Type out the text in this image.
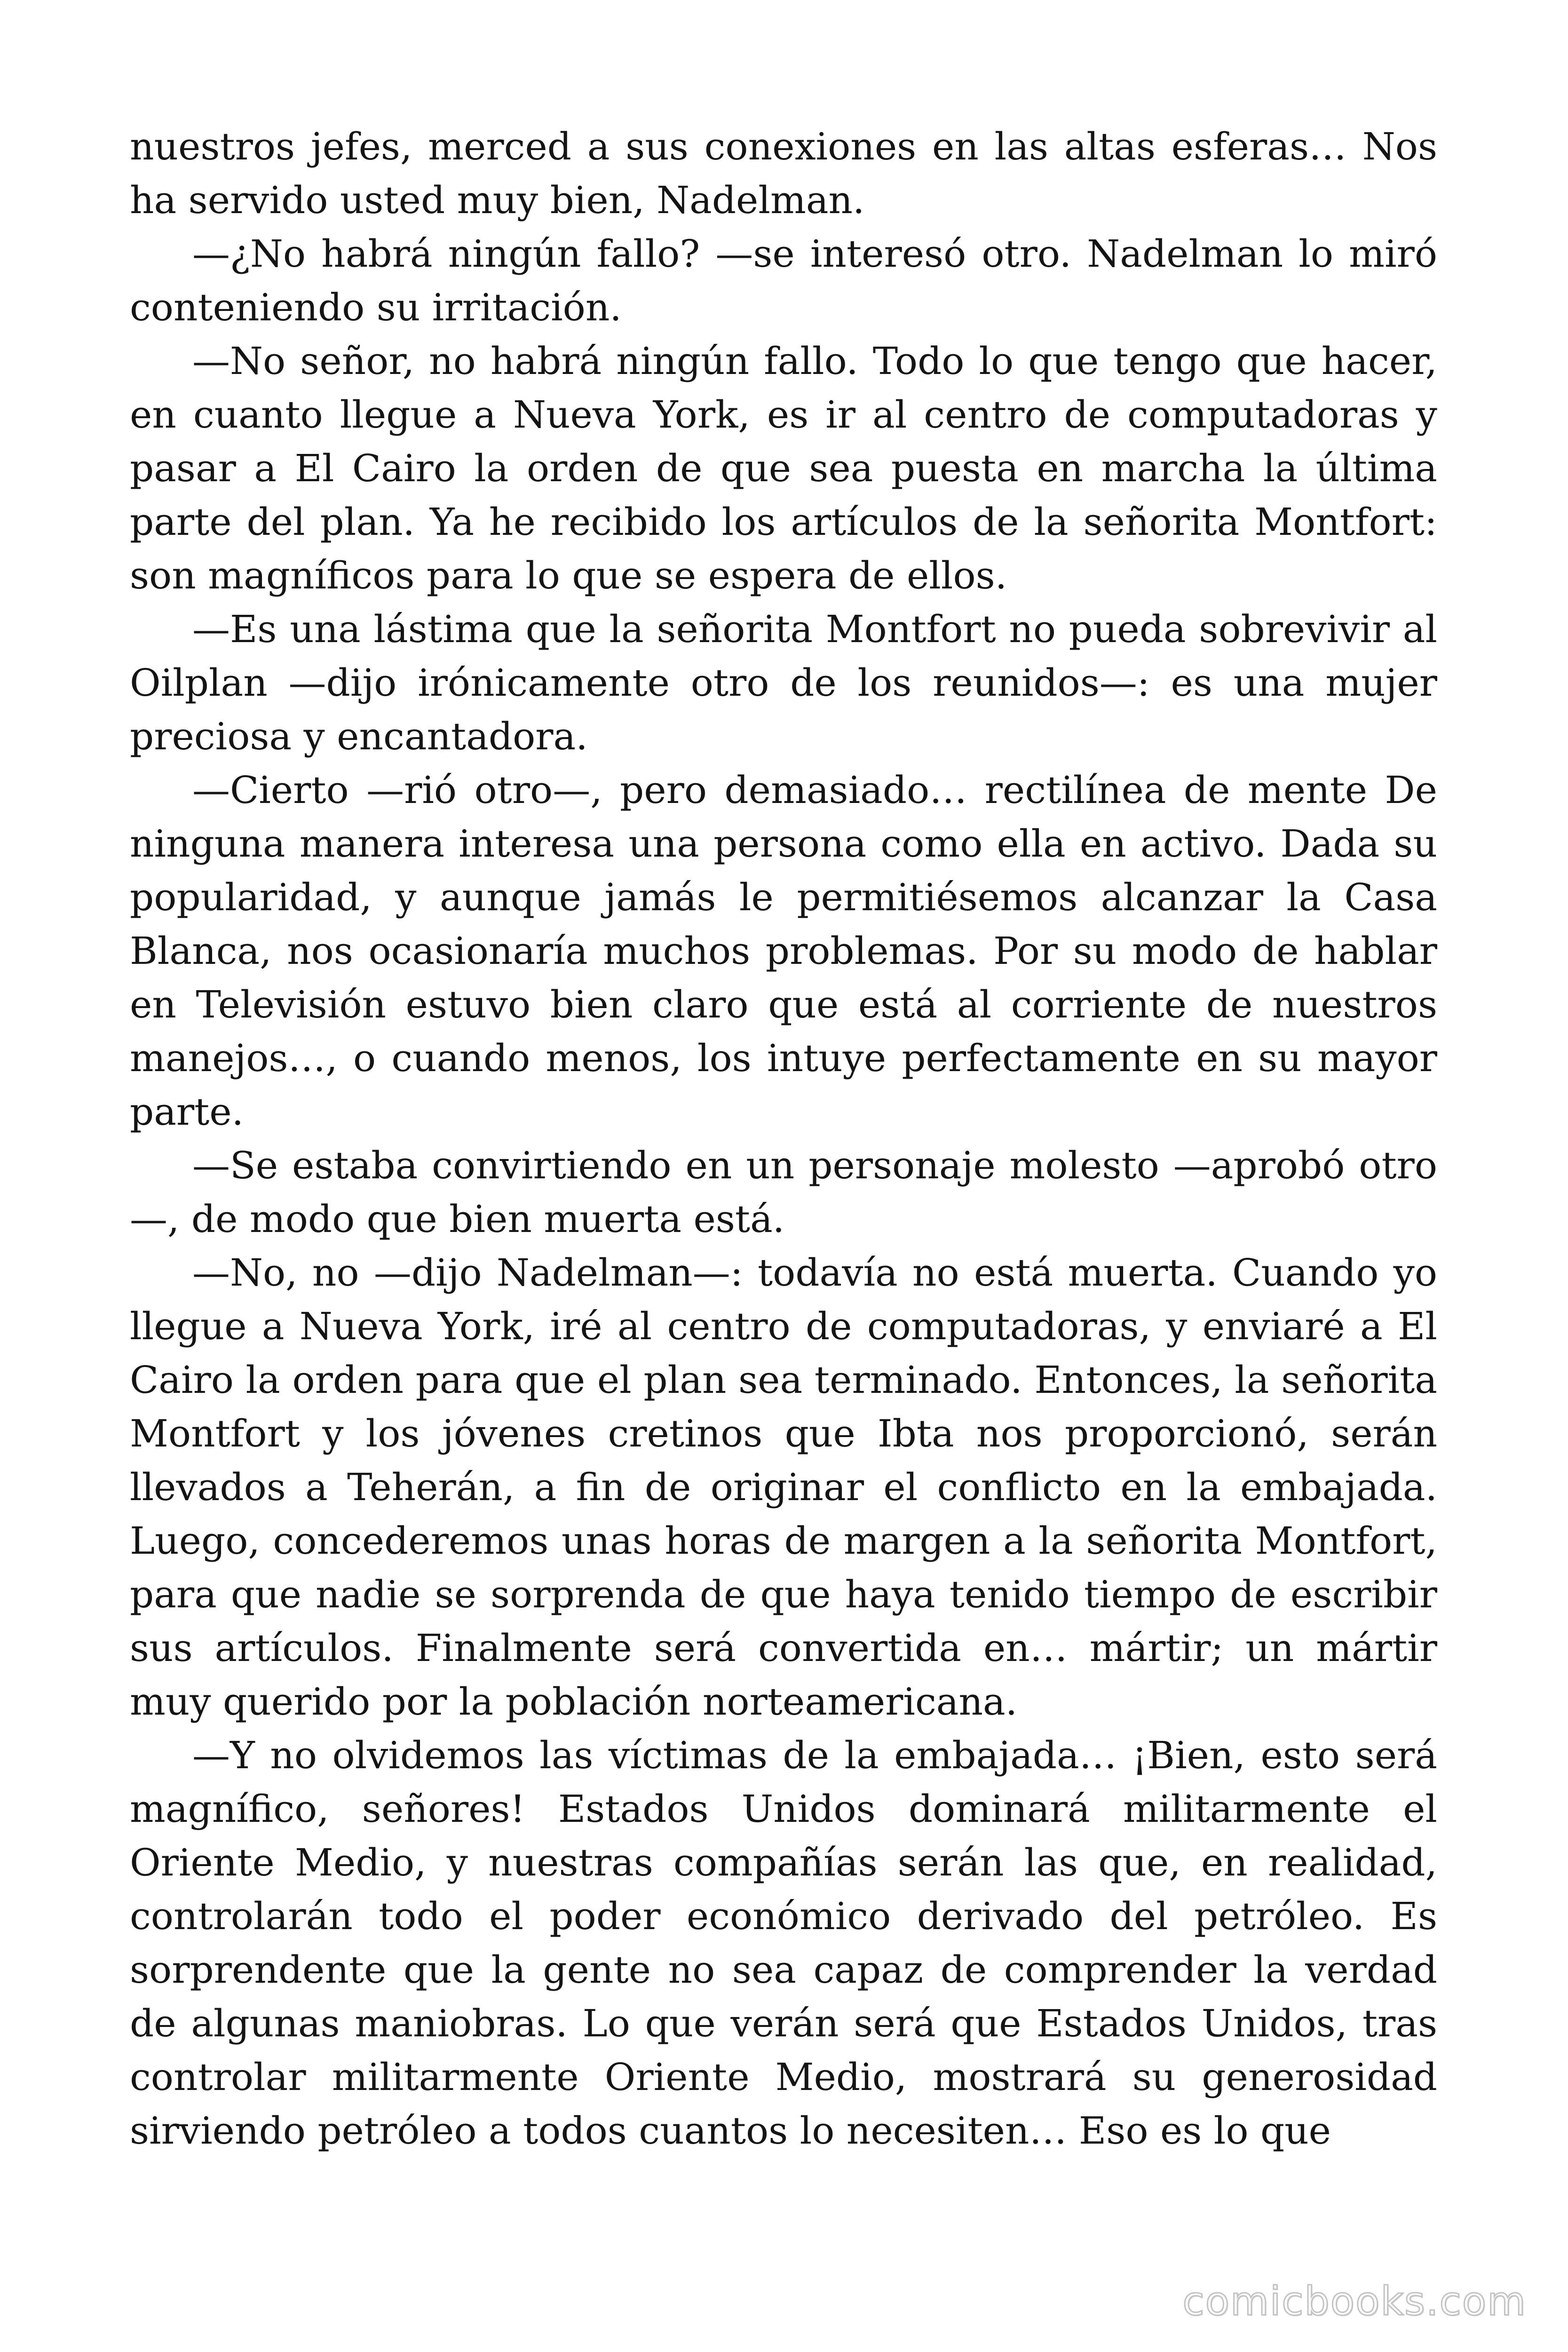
nuestros jefes, merced a sus conexiones en las altas esferas… Nos ha servido usted muy bien, Nadelman.

—¿No habrá ningún fallo? —se interesó otro. Nadelman lo miró conteniendo su irritación.

—No señor, no habrá ningún fallo. Todo lo que tengo que hacer, en cuanto llegue a Nueva York, es ir al centro de computadoras y pasar a El Cairo la orden de que sea puesta en marcha la última parte del plan. Ya he recibido los artículos de la señorita Montfort: son magníficos para lo que se espera de ellos.

—Es una lástima que la señorita Montfort no pueda sobrevivir al Oilplan —dijo irónicamente otro de los reunidos—: es una mujer preciosa y encantadora.

—Cierto —rió otro—, pero demasiado… rectilínea de mente De ninguna manera interesa una persona como ella en activo. Dada su popularidad, y aunque jamás le permitiésemos alcanzar la Casa Blanca, nos ocasionaría muchos problemas. Por su modo de hablar en Televisión estuvo bien claro que está al corriente de nuestros manejos…, o cuando menos, los intuye perfectamente en su mayor parte.

—Se estaba convirtiendo en un personaje molesto —aprobó otro —, de modo que bien muerta está.

—No, no —dijo Nadelman—: todavía no está muerta. Cuando yo llegue a Nueva York, iré al centro de computadoras, y enviaré a El Cairo la orden para que el plan sea terminado. Entonces, la señorita Montfort y los jóvenes cretinos que Ibta nos proporcionó, serán llevados a Teherán, a fin de originar el conflicto en la embajada. Luego, concederemos unas horas de margen a la señorita Montfort, para que nadie se sorprenda de que haya tenido tiempo de escribir sus artículos. Finalmente será convertida en… mártir; un mártir muy querido por la población norteamericana.

—Y no olvidemos las víctimas de la embajada… ¡Bien, esto será magnífico, señores! Estados Unidos dominará militarmente el Oriente Medio, y nuestras compañías serán las que, en realidad, controlarán todo el poder económico derivado del petróleo. Es sorprendente que la gente no sea capaz de comprender la verdad de algunas maniobras. Lo que verán será que Estados Unidos, tras controlar militarmente Oriente Medio, mostrará su generosidad sirviendo petróleo a todos cuantos lo necesiten… Eso es lo que

comicbooks.com
